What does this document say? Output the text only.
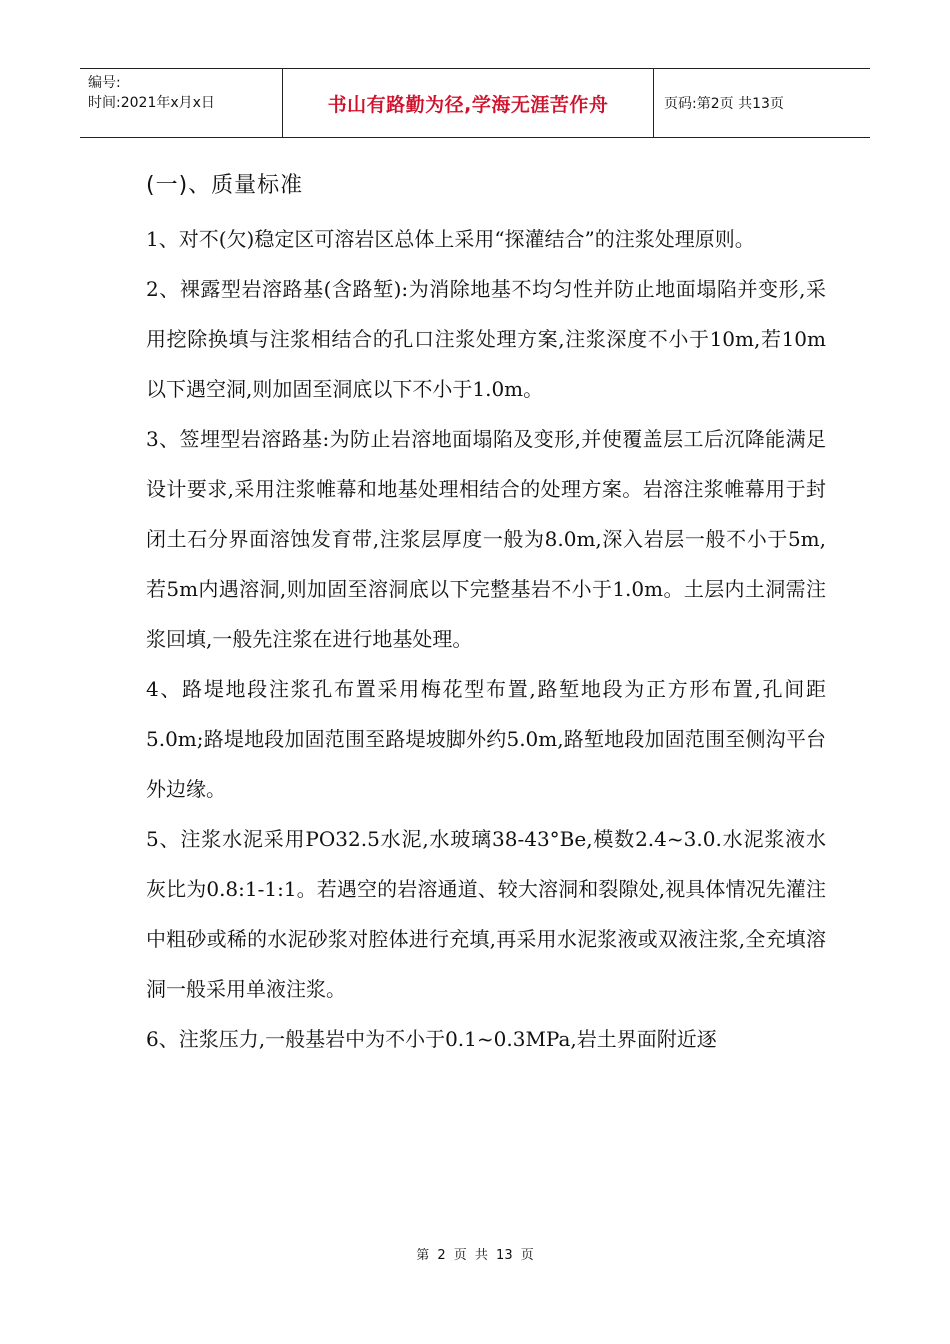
编号:
时间:2021年x月x日	书山有路勤为径,学海无涯苦作舟	页码:第2页 共13页
(一)、质量标准

1、对不(欠)稳定区可溶岩区总体上采用“探灌结合”的注浆处理原则。

2、裸露型岩溶路基(含路堑):为消除地基不均匀性并防止地面塌陷并变形,采用挖除换填与注浆相结合的孔口注浆处理方案,注浆深度不小于10m,若10m以下遇空洞,则加固至洞底以下不小于1.0m。

3、签埋型岩溶路基:为防止岩溶地面塌陷及变形,并使覆盖层工后沉降能满足设计要求,采用注浆帷幕和地基处理相结合的处理方案。岩溶注浆帷幕用于封闭土石分界面溶蚀发育带,注浆层厚度一般为8.0m,深入岩层一般不小于5m,若5m内遇溶洞,则加固至溶洞底以下完整基岩不小于1.0m。土层内土洞需注浆回填,一般先注浆在进行地基处理。

4、路堤地段注浆孔布置采用梅花型布置,路堑地段为正方形布置,孔间距5.0m;路堤地段加固范围至路堤坡脚外约5.0m,路堑地段加固范围至侧沟平台外边缘。

5、注浆水泥采用PO32.5水泥,水玻璃38-43°Be,模数2.4~3.0.水泥浆液水灰比为0.8:1-1:1。若遇空的岩溶通道、较大溶洞和裂隙处,视具体情况先灌注中粗砂或稀的水泥砂浆对腔体进行充填,再采用水泥浆液或双液注浆,全充填溶洞一般采用单液注浆。

6、注浆压力,一般基岩中为不小于0.1~0.3MPa,岩土界面附近逐

第 2 页 共 13 页
